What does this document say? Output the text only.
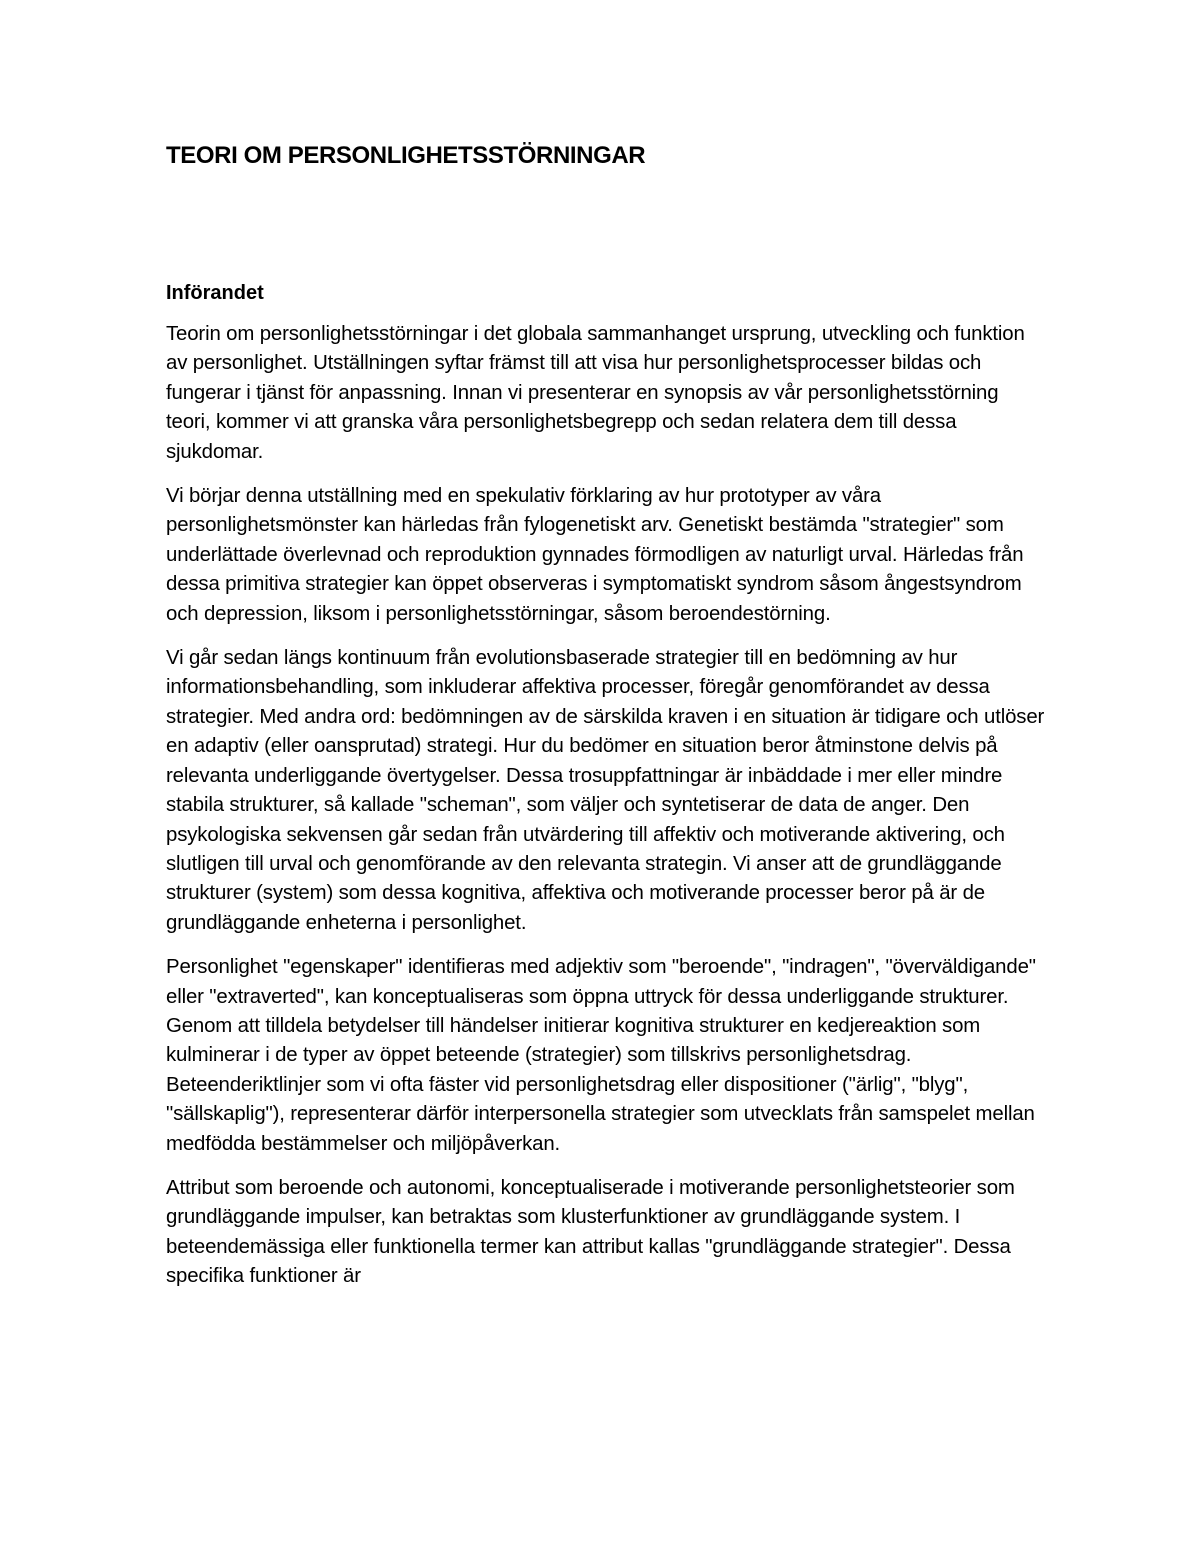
TEORI OM PERSONLIGHETSSTÖRNINGAR
Införandet

Teorin om personlighetsstörningar i det globala sammanhanget ursprung, utveckling och funktion av personlighet. Utställningen syftar främst till att visa hur personlighetsprocesser bildas och fungerar i tjänst för anpassning. Innan vi presenterar en synopsis av vår personlighetsstörning teori, kommer vi att granska våra personlighetsbegrepp och sedan relatera dem till dessa sjukdomar.

Vi börjar denna utställning med en spekulativ förklaring av hur prototyper av våra personlighetsmönster kan härledas från fylogenetiskt arv. Genetiskt bestämda "strategier" som underlättade överlevnad och reproduktion gynnades förmodligen av naturligt urval. Härledas från dessa primitiva strategier kan öppet observeras i symptomatiskt syndrom såsom ångestsyndrom och depression, liksom i personlighetsstörningar, såsom beroendestörning.

Vi går sedan längs kontinuum från evolutionsbaserade strategier till en bedömning av hur informationsbehandling, som inkluderar affektiva processer, föregår genomförandet av dessa strategier. Med andra ord: bedömningen av de särskilda kraven i en situation är tidigare och utlöser en adaptiv (eller oansprutad) strategi. Hur du bedömer en situation beror åtminstone delvis på relevanta underliggande övertygelser. Dessa trosuppfattningar är inbäddade i mer eller mindre stabila strukturer, så kallade "scheman", som väljer och syntetiserar de data de anger. Den psykologiska sekvensen går sedan från utvärdering till affektiv och motiverande aktivering, och slutligen till urval och genomförande av den relevanta strategin. Vi anser att de grundläggande strukturer (system) som dessa kognitiva, affektiva och motiverande processer beror på är de grundläggande enheterna i personlighet.

Personlighet "egenskaper" identifieras med adjektiv som "beroende", "indragen", "överväldigande" eller "extraverted", kan konceptualiseras som öppna uttryck för dessa underliggande strukturer. Genom att tilldela betydelser till händelser initierar kognitiva strukturer en kedjereaktion som kulminerar i de typer av öppet beteende (strategier) som tillskrivs personlighetsdrag. Beteenderiktlinjer som vi ofta fäster vid personlighetsdrag eller dispositioner ("ärlig", "blyg", "sällskaplig"), representerar därför interpersonella strategier som utvecklats från samspelet mellan medfödda bestämmelser och miljöpåverkan.

Attribut som beroende och autonomi, konceptualiserade i motiverande personlighetsteorier som grundläggande impulser, kan betraktas som klusterfunktioner av grundläggande system. I beteendemässiga eller funktionella termer kan attribut kallas "grundläggande strategier". Dessa specifika funktioner är
